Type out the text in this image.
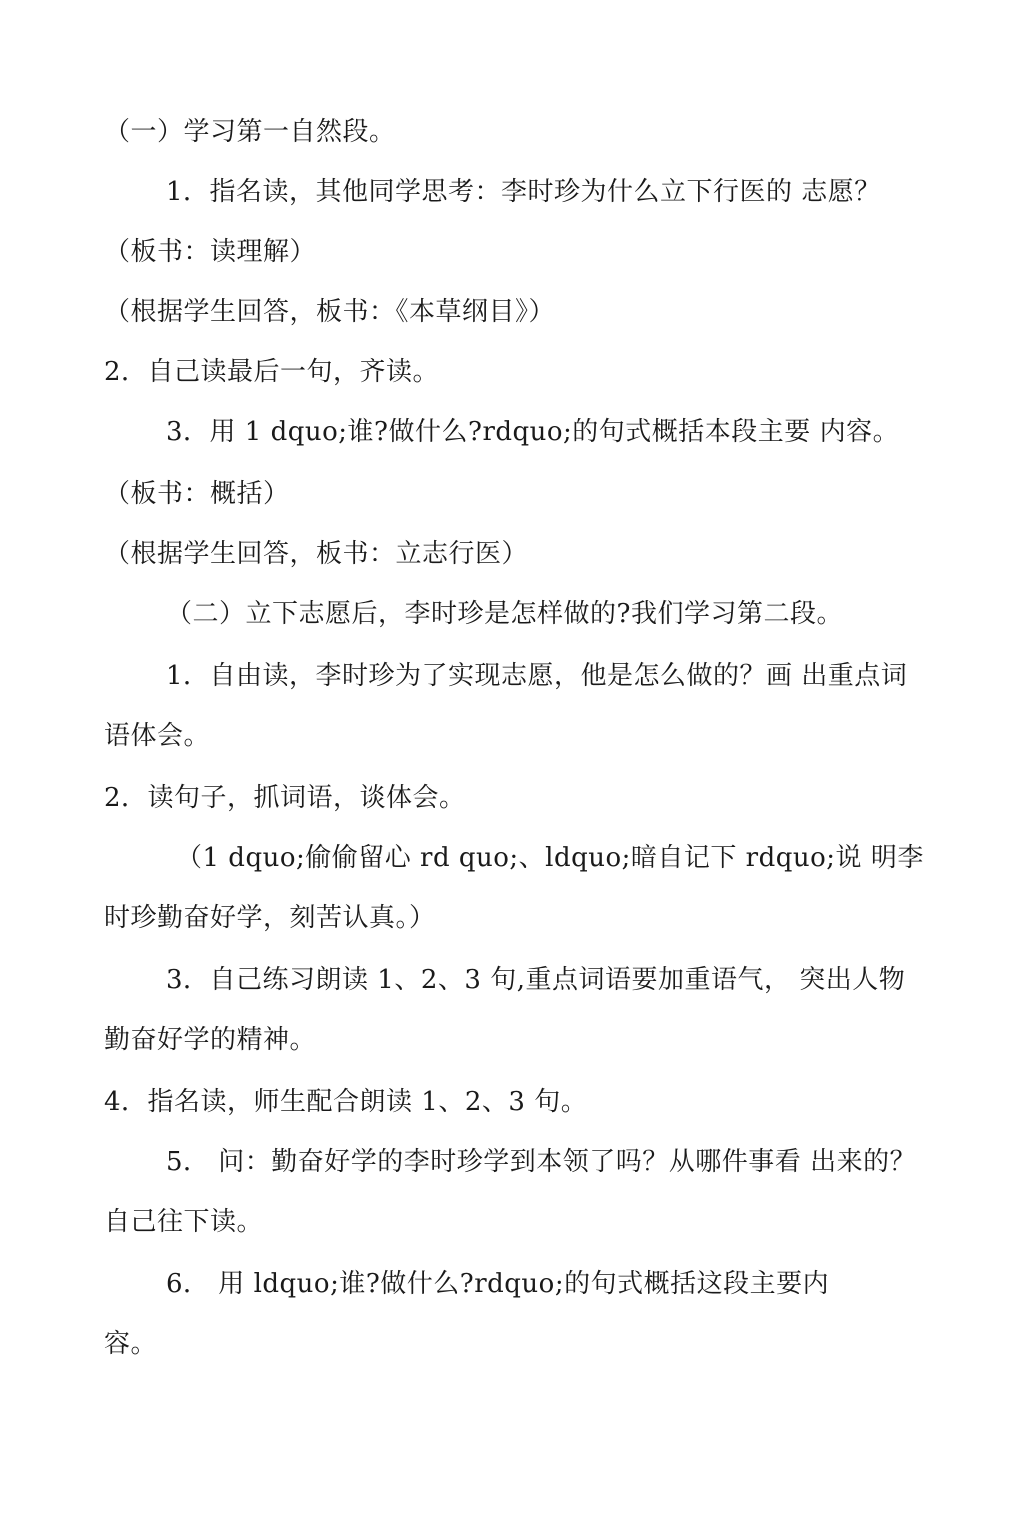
（一）学习第一自然段。
1．指名读，其他同学思考：李时珍为什么立下行医的 志愿？
（板书：读理解）
（根据学生回答，板书：《本草纲目》）
2．自己读最后一句，齐读。
3．用 1 dquo;谁?做什么?rdquo;的句式概括本段主要 内容。
（板书：概括）
（根据学生回答，板书：立志行医）
（二）立下志愿后，李时珍是怎样做的?我们学习第二段。
1．自由读，李时珍为了实现志愿，他是怎么做的？画 出重点词
语体会。
2．读句子，抓词语，谈体会。
（1 dquo;偷偷留心 rd quo;、ldquo;暗自记下 rdquo;说 明李
时珍勤奋好学，刻苦认真。）
3．自己练习朗读 1、2、3 句,重点词语要加重语气， 突出人物
勤奋好学的精神。
4．指名读，师生配合朗读 1、2、3 句。
5． 问：勤奋好学的李时珍学到本领了吗？从哪件事看 出来的？
自己往下读。
6． 用 ldquo;谁?做什么?rdquo;的句式概括这段主要内
容。
